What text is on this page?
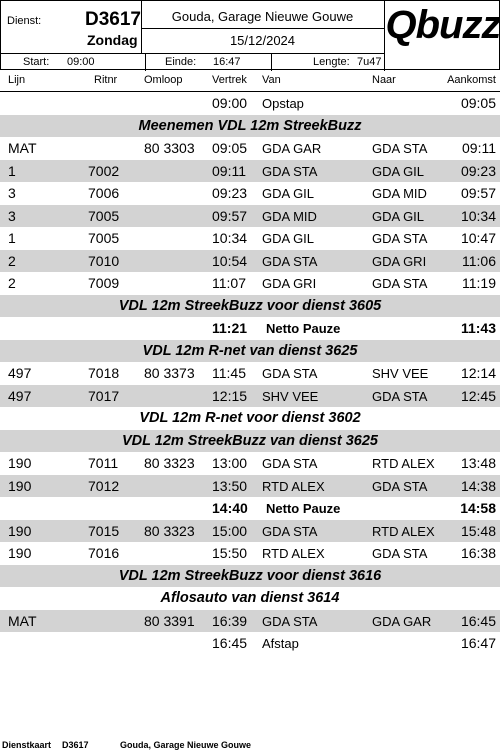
Dienst: D3617
Zondag
Gouda, Garage Nieuwe Gouwe
15/12/2024	Qbuzz
Start: 09:00	Einde: 16:47	Lengte: 7u47
Lijn	Ritnr Omloop	Vertrek Van	Naar	Aankomst
09:00 Opstap	09:05
Meenemen VDL 12m StreekBuzz
MAT	80 3303 09:05 GDA GAR	GDA STA 09:11
1	7002	09:11 GDA STA	GDA GIL	09:23
3	7006	09:23 GDA GIL	GDA MID 09:57
3	7005	09:57 GDA MID	GDA GIL	10:34
1	7005	10:34 GDA GIL	GDA STA 10:47
2	7010	10:54 GDA STA	GDA GRI	11:06
2	7009	11:07 GDA GRI	GDA STA 11:19
VDL 12m StreekBuzz voor dienst 3605
11:21 Netto Pauze	11:43
VDL 12m R-net van dienst 3625
497	7018 80 3373 11:45 GDA STA	SHV VEE 12:14
497	7017	12:15 SHV VEE	GDA STA 12:45
VDL 12m R-net voor dienst 3602
VDL 12m StreekBuzz van dienst 3625
190	7011 80 3323 13:00 GDA STA	RTD ALEX 13:48
190	7012	13:50 RTD ALEX	GDA STA 14:38
14:40 Netto Pauze	14:58
190	7015 80 3323 15:00 GDA STA	RTD ALEX 15:48
190	7016	15:50 RTD ALEX	GDA STA 16:38
VDL 12m StreekBuzz voor dienst 3616
Aflosauto van dienst 3614
MAT	80 3391 16:39 GDA STA	GDA GAR 16:45
16:45 Afstap	16:47
Dienstkaart D3617	Gouda, Garage Nieuwe Gouwe
